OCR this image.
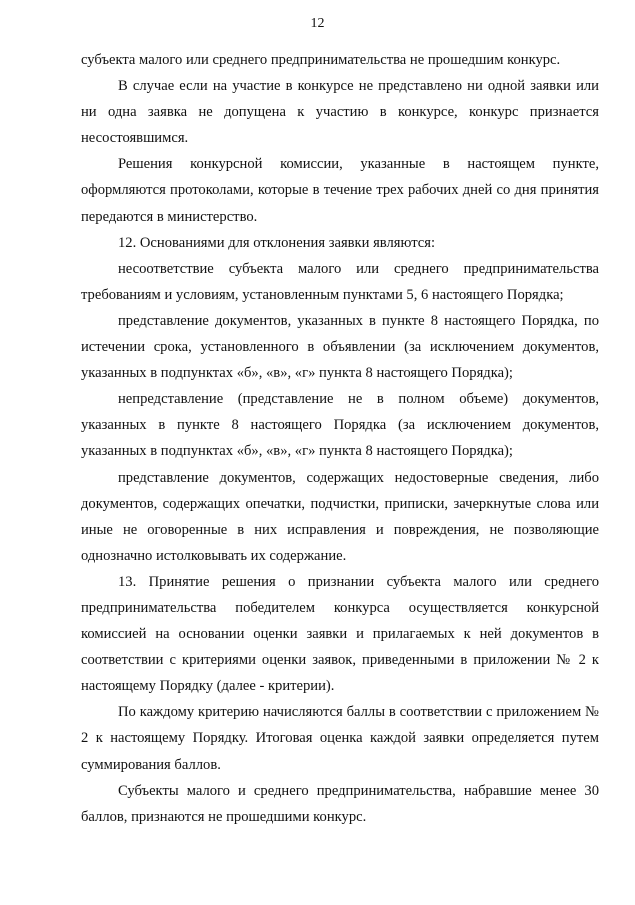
12

субъекта малого или среднего предпринимательства не прошедшим конкурс.

В случае если на участие в конкурсе не представлено ни одной заявки или ни одна заявка не допущена к участию в конкурсе, конкурс признается несостоявшимся.

Решения конкурсной комиссии, указанные в настоящем пункте, оформляются протоколами, которые в течение трех рабочих дней со дня принятия передаются в министерство.

12. Основаниями для отклонения заявки являются:

несоответствие субъекта малого или среднего предпринимательства требованиям и условиям, установленным пунктами 5, 6 настоящего Порядка;

представление документов, указанных в пункте 8 настоящего Порядка, по истечении срока, установленного в объявлении (за исключением документов, указанных в подпунктах «б», «в», «г» пункта 8 настоящего Порядка);

непредставление (представление не в полном объеме) документов, указанных в пункте 8 настоящего Порядка (за исключением документов, указанных в подпунктах «б», «в», «г» пункта 8 настоящего Порядка);

представление документов, содержащих недостоверные сведения, либо документов, содержащих опечатки, подчистки, приписки, зачеркнутые слова или иные не оговоренные в них исправления и повреждения, не позволяющие однозначно истолковывать их содержание.

13. Принятие решения о признании субъекта малого или среднего предпринимательства победителем конкурса осуществляется конкурсной комиссией на основании оценки заявки и прилагаемых к ней документов в соответствии с критериями оценки заявок, приведенными в приложении № 2 к настоящему Порядку (далее - критерии).

По каждому критерию начисляются баллы в соответствии с приложением № 2 к настоящему Порядку. Итоговая оценка каждой заявки определяется путем суммирования баллов.

Субъекты малого и среднего предпринимательства, набравшие менее 30 баллов, признаются не прошедшими конкурс.
